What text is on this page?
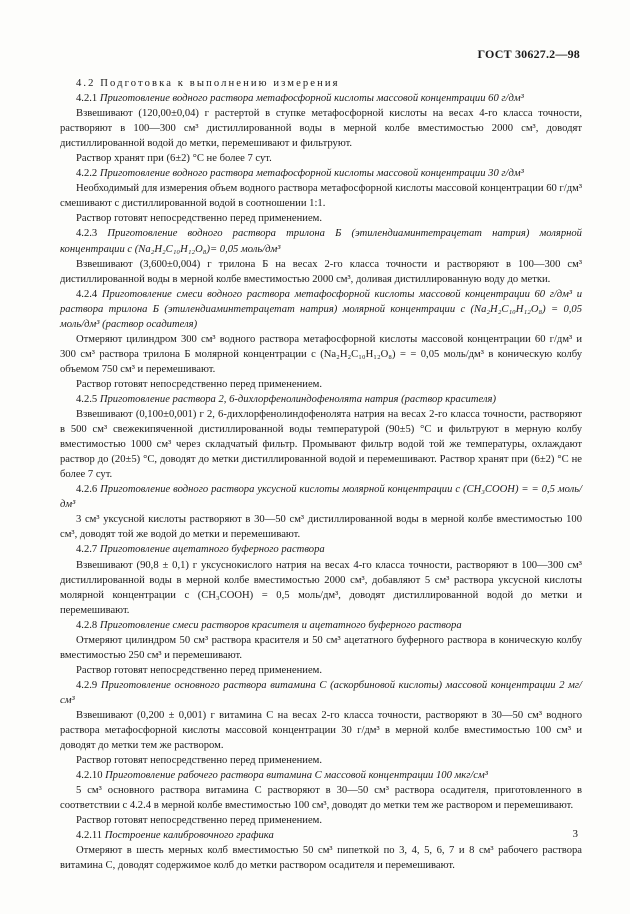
ГОСТ 30627.2—98
4.2 Подготовка к выполнению измерения
4.2.1 Приготовление водного раствора метафосфорной кислоты массовой концентрации 60 г/дм³
Взвешивают (120,00±0,04) г растертой в ступке метафосфорной кислоты на весах 4-го класса точности, растворяют в 100—300 см³ дистиллированной воды в мерной колбе вместимостью 2000 см³, доводят дистиллированной водой до метки, перемешивают и фильтруют.
Раствор хранят при (6±2) °С не более 7 сут.
4.2.2 Приготовление водного раствора метафосфорной кислоты массовой концентрации 30 г/дм³
Необходимый для измерения объем водного раствора метафосфорной кислоты массовой концентрации 60 г/дм³ смешивают с дистиллированной водой в соотношении 1:1.
Раствор готовят непосредственно перед применением.
4.2.3 Приготовление водного раствора трилона Б (этилендиаминтетрацетат натрия) молярной концентрации с (Na₂H₂C₁₀H₁₂O₈)= 0,05 моль/дм³
Взвешивают (3,600±0,004) г трилона Б на весах 2-го класса точности и растворяют в 100—300 см³ дистиллированной воды в мерной колбе вместимостью 2000 см³, доливая дистиллированную воду до метки.
4.2.4 Приготовление смеси водного раствора метафосфорной кислоты массовой концентрации 60 г/дм³ и раствора трилона Б (этилендиаминтетрацетат натрия) молярной концентрации с (Na₂H₂C₁₀H₁₂O₈) = 0,05 моль/дм³ (раствор осадителя)
Отмеряют цилиндром 300 см³ водного раствора метафосфорной кислоты массовой концентрации 60 г/дм³ и 300 см³ раствора трилона Б молярной концентрации с (Na₂H₂C₁₀H₁₂O₈) = = 0,05 моль/дм³ в коническую колбу объемом 750 см³ и перемешивают.
Раствор готовят непосредственно перед применением.
4.2.5 Приготовление раствора 2, 6-дихлорфенолиндофенолята натрия (раствор красителя)
Взвешивают (0,100±0,001) г 2, 6-дихлорфенолиндофенолята натрия на весах 2-го класса точности, растворяют в 500 см³ свежекипяченной дистиллированной воды температурой (90±5) °С и фильтруют в мерную колбу вместимостью 1000 см³ через складчатый фильтр. Промывают фильтр водой той же температуры, охлаждают раствор до (20±5) °С, доводят до метки дистиллированной водой и перемешивают. Раствор хранят при (6±2) °С не более 7 сут.
4.2.6 Приготовление водного раствора уксусной кислоты молярной концентрации с (CH₃COOH) = = 0,5 моль/дм³
3 см³ уксусной кислоты растворяют в 30—50 см³ дистиллированной воды в мерной колбе вместимостью 100 см³, доводят той же водой до метки и перемешивают.
4.2.7 Приготовление ацетатного буферного раствора
Взвешивают (90,8 ± 0,1) г уксуснокислого натрия на весах 4-го класса точности, растворяют в 100—300 см³ дистиллированной воды в мерной колбе вместимостью 2000 см³, добавляют 5 см³ раствора уксусной кислоты молярной концентрации с (CH₃COOH) = 0,5 моль/дм³, доводят дистиллированной водой до метки и перемешивают.
4.2.8 Приготовление смеси растворов красителя и ацетатного буферного раствора
Отмеряют цилиндром 50 см³ раствора красителя и 50 см³ ацетатного буферного раствора в коническую колбу вместимостью 250 см³ и перемешивают.
Раствор готовят непосредственно перед применением.
4.2.9 Приготовление основного раствора витамина С (аскорбиновой кислоты) массовой концентрации 2 мг/см³
Взвешивают (0,200 ± 0,001) г витамина С на весах 2-го класса точности, растворяют в 30—50 см³ водного раствора метафосфорной кислоты массовой концентрации 30 г/дм³ в мерной колбе вместимостью 100 см³ и доводят до метки тем же раствором.
Раствор готовят непосредственно перед применением.
4.2.10 Приготовление рабочего раствора витамина С массовой концентрации 100 мкг/см³
5 см³ основного раствора витамина С растворяют в 30—50 см³ раствора осадителя, приготовленного в соответствии с 4.2.4 в мерной колбе вместимостью 100 см³, доводят до метки тем же раствором и перемешивают.
Раствор готовят непосредственно перед применением.
4.2.11 Построение калибровочного графика
Отмеряют в шесть мерных колб вместимостью 50 см³ пипеткой по 3, 4, 5, 6, 7 и 8 см³ рабочего раствора витамина С, доводят содержимое колб до метки раствором осадителя и перемешивают.
3
